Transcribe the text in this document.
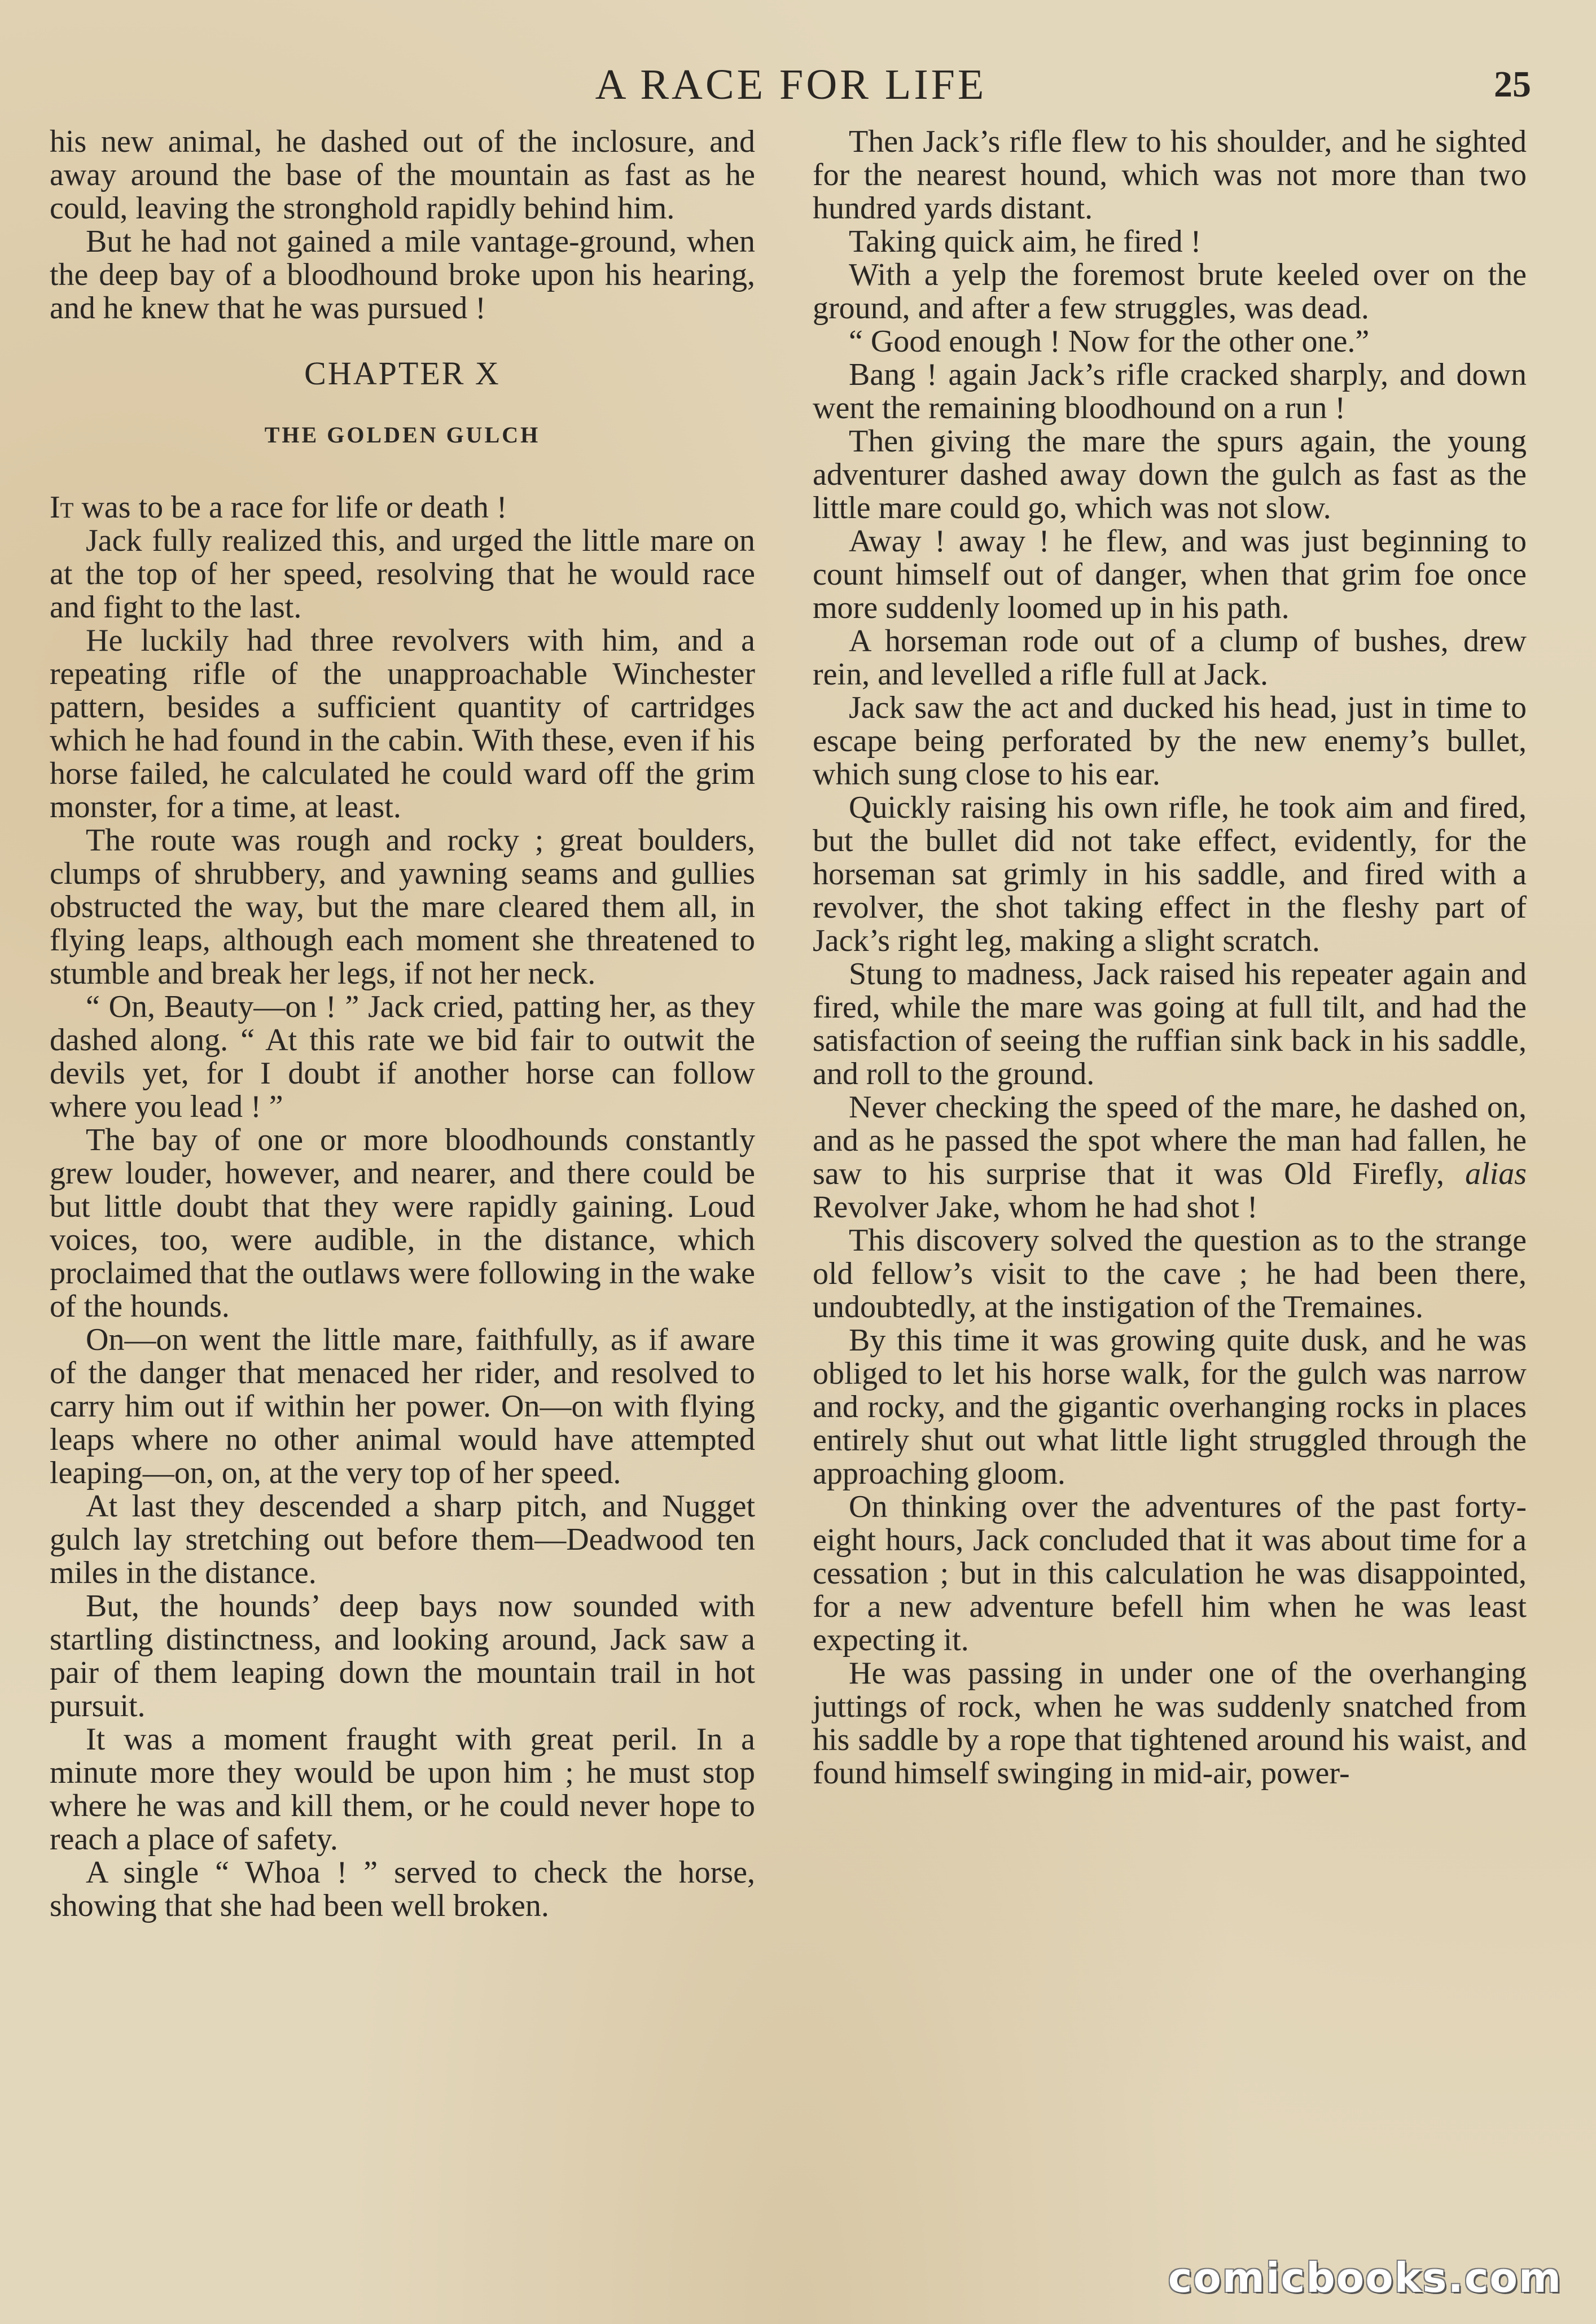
A RACE FOR LIFE	25

his new animal, he dashed out of the inclosure, and away around the base of the mountain as fast as he could, leaving the stronghold rapidly behind him.

But he had not gained a mile vantage-ground, when the deep bay of a bloodhound broke upon his hearing, and he knew that he was pursued !

CHAPTER X
THE GOLDEN GULCH

It was to be a race for life or death !

Jack fully realized this, and urged the little mare on at the top of her speed, resolving that he would race and fight to the last.

He luckily had three revolvers with him, and a repeating rifle of the unapproachable Winchester pattern, besides a sufficient quantity of cartridges which he had found in the cabin. With these, even if his horse failed, he calculated he could ward off the grim monster, for a time, at least.

The route was rough and rocky ; great boulders, clumps of shrubbery, and yawning seams and gullies obstructed the way, but the mare cleared them all, in flying leaps, although each moment she threatened to stumble and break her legs, if not her neck.

“ On, Beauty—on ! ” Jack cried, patting her, as they dashed along. “ At this rate we bid fair to outwit the devils yet, for I doubt if another horse can follow where you lead ! ”

The bay of one or more bloodhounds constantly grew louder, however, and nearer, and there could be but little doubt that they were rapidly gaining. Loud voices, too, were audible, in the distance, which proclaimed that the outlaws were following in the wake of the hounds.

On—on went the little mare, faithfully, as if aware of the danger that menaced her rider, and resolved to carry him out if within her power. On—on with flying leaps where no other animal would have attempted leaping—on, on, at the very top of her speed.

At last they descended a sharp pitch, and Nugget gulch lay stretching out before them—Deadwood ten miles in the distance.

But, the hounds’ deep bays now sounded with startling distinctness, and looking around, Jack saw a pair of them leaping down the mountain trail in hot pursuit.

It was a moment fraught with great peril. In a minute more they would be upon him ; he must stop where he was and kill them, or he could never hope to reach a place of safety.

A single “ Whoa ! ” served to check the horse, showing that she had been well broken.

Then Jack’s rifle flew to his shoulder, and he sighted for the nearest hound, which was not more than two hundred yards distant.

Taking quick aim, he fired !

With a yelp the foremost brute keeled over on the ground, and after a few struggles, was dead.

“ Good enough ! Now for the other one.”

Bang ! again Jack’s rifle cracked sharply, and down went the remaining bloodhound on a run !

Then giving the mare the spurs again, the young adventurer dashed away down the gulch as fast as the little mare could go, which was not slow.

Away ! away ! he flew, and was just beginning to count himself out of danger, when that grim foe once more suddenly loomed up in his path.

A horseman rode out of a clump of bushes, drew rein, and levelled a rifle full at Jack.

Jack saw the act and ducked his head, just in time to escape being perforated by the new enemy’s bullet, which sung close to his ear.

Quickly raising his own rifle, he took aim and fired, but the bullet did not take effect, evidently, for the horseman sat grimly in his saddle, and fired with a revolver, the shot taking effect in the fleshy part of Jack’s right leg, making a slight scratch.

Stung to madness, Jack raised his repeater again and fired, while the mare was going at full tilt, and had the satisfaction of seeing the ruffian sink back in his saddle, and roll to the ground.

Never checking the speed of the mare, he dashed on, and as he passed the spot where the man had fallen, he saw to his surprise that it was Old Firefly, alias Revolver Jake, whom he had shot !

This discovery solved the question as to the strange old fellow’s visit to the cave ; he had been there, undoubtedly, at the instigation of the Tremaines.

By this time it was growing quite dusk, and he was obliged to let his horse walk, for the gulch was narrow and rocky, and the gigantic overhanging rocks in places entirely shut out what little light struggled through the approaching gloom.

On thinking over the adventures of the past forty-eight hours, Jack concluded that it was about time for a cessation ; but in this calculation he was disappointed, for a new adventure befell him when he was least expecting it.

He was passing in under one of the overhanging juttings of rock, when he was suddenly snatched from his saddle by a rope that tightened around his waist, and found himself swinging in mid-air, power-

comicbooks.com
